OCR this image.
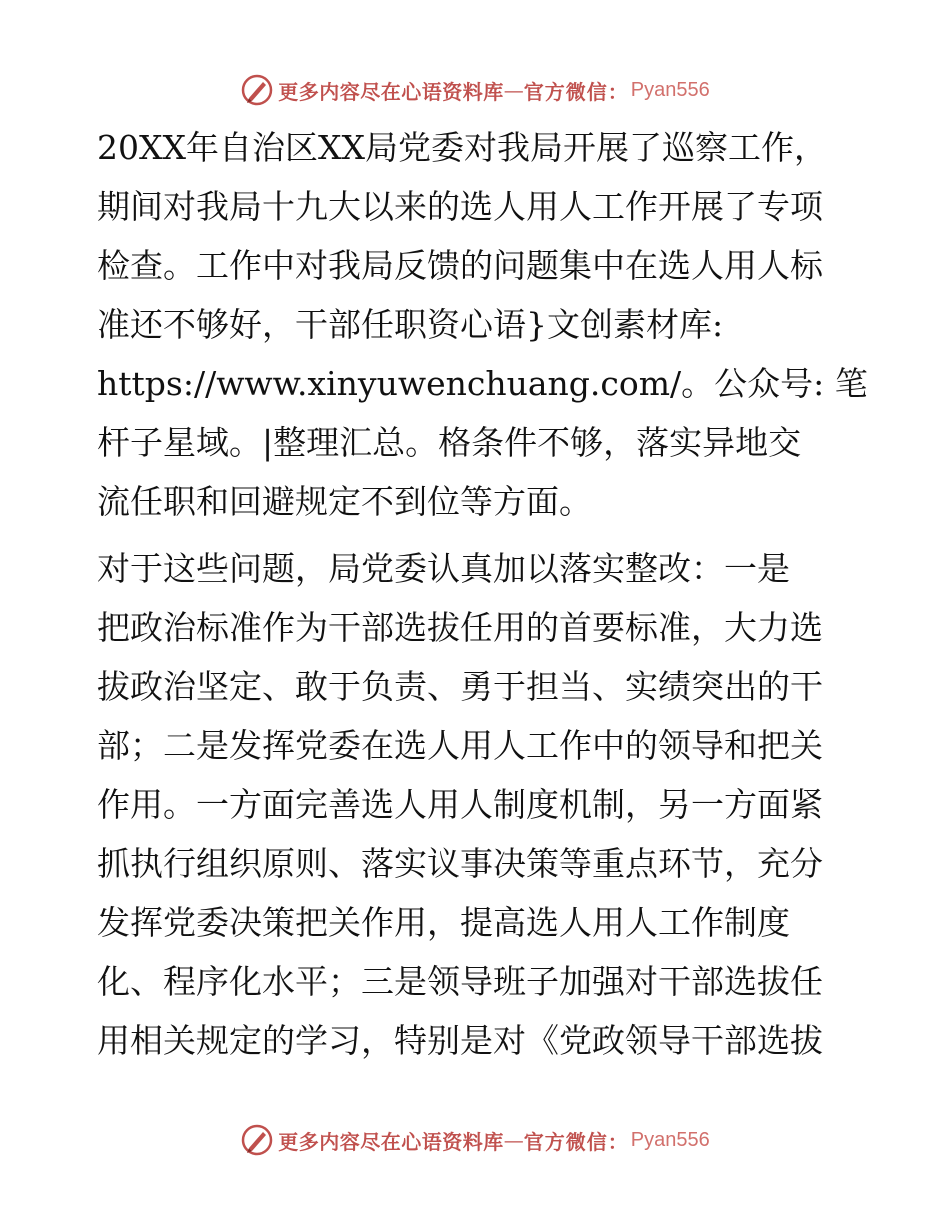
更多内容尽在心语资料库 — 官方微信： Pyan556

20XX年自治区XX局党委对我局开展了巡察工作，
期间对我局十九大以来的选人用人工作开展了专项
检查。工作中对我局反馈的问题集中在选人用人标
准还不够好，干部任职资心语}文创素材库:
https://www.xinyuwenchuang.com/。公众号: 笔
杆子星域。|整理汇总。格条件不够，落实异地交
流任职和回避规定不到位等方面。

对于这些问题，局党委认真加以落实整改：一是
把政治标准作为干部选拔任用的首要标准，大力选
拔政治坚定、敢于负责、勇于担当、实绩突出的干
部；二是发挥党委在选人用人工作中的领导和把关
作用。一方面完善选人用人制度机制，另一方面紧
抓执行组织原则、落实议事决策等重点环节，充分
发挥党委决策把关作用，提高选人用人工作制度
化、程序化水平；三是领导班子加强对干部选拔任
用相关规定的学习，特别是对《党政领导干部选拔

更多内容尽在心语资料库 — 官方微信： Pyan556
